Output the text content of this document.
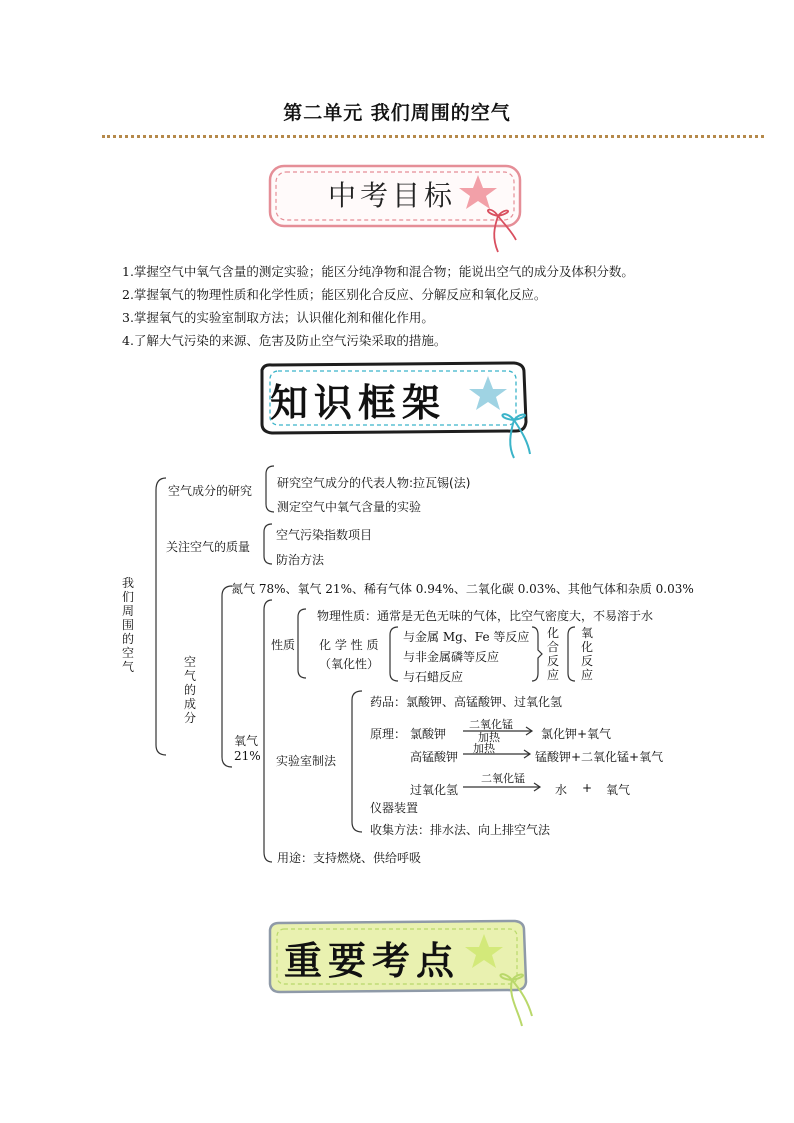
第二单元 我们周围的空气
中考目标
1.掌握空气中氧气含量的测定实验；能区分纯净物和混合物；能说出空气的成分及体积分数。
2.掌握氧气的物理性质和化学性质；能区别化合反应、分解反应和氧化反应。
3.掌握氧气的实验室制取方法；认识催化剂和催化作用。
4.了解大气污染的来源、危害及防止空气污染采取的措施。
知识框架
我们周围的空气
空气成分的研究
研究空气成分的代表人物:拉瓦锡(法)
测定空气中氧气含量的实验
关注空气的质量
空气污染指数项目
防治方法
空气的成分
氮气 78%、氧气 21%、稀有气体 0.94%、二氧化碳 0.03%、其他气体和杂质 0.03%
氧气
21%
性质
物理性质：通常是无色无味的气体，比空气密度大，不易溶于水
化 学 性 质
（氧化性）
与金属 Mg、Fe 等反应
与非金属磷等反应
与石蜡反应
化合反应
氧化反应
实验室制法
药品：氯酸钾、高锰酸钾、过氧化氢
原理： 氯酸钾
二氧化锰
加热	氯化钾+氧气
高锰酸钾
加热
锰酸钾+二氧化锰+氧气
过氧化氢
二氧化锰
水 + 氧气
仪器装置
收集方法：排水法、向上排空气法
用途：支持燃烧、供给呼吸
重要考点
